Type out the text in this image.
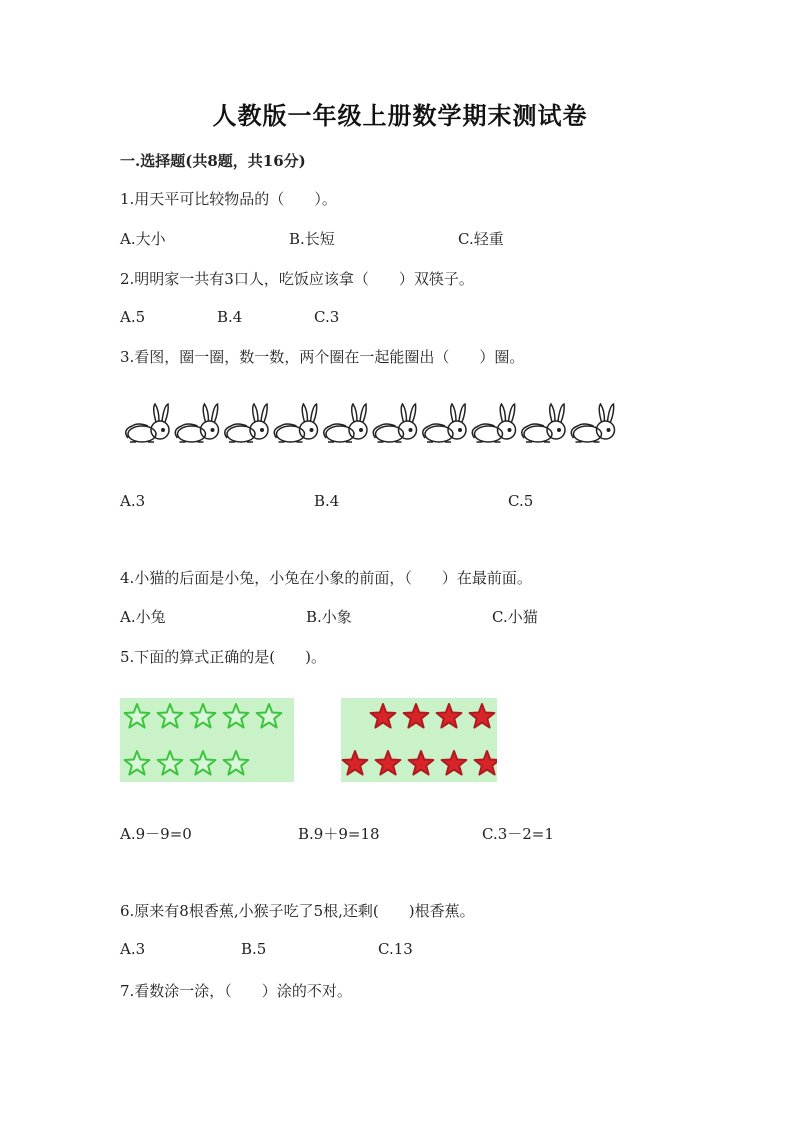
人教版一年级上册数学期末测试卷
一.选择题(共8题，共16分)
1.用天平可比较物品的（　　）。
A.大小	B.长短	C.轻重
2.明明家一共有3口人，吃饭应该拿（　　）双筷子。
A.5	B.4	C.3
3.看图，圈一圈，数一数，两个圈在一起能圈出（　　）圈。
A.3	B.4	C.5
4.小猫的后面是小兔，小兔在小象的前面，（　　）在最前面。
A.小兔	B.小象	C.小猫
5.下面的算式正确的是(　　)。
A.9－9=0	B.9＋9=18	C.3－2=1
6.原来有8根香蕉,小猴子吃了5根,还剩(　　)根香蕉。
A.3	B.5	C.13
7.看数涂一涂，（　　）涂的不对。
